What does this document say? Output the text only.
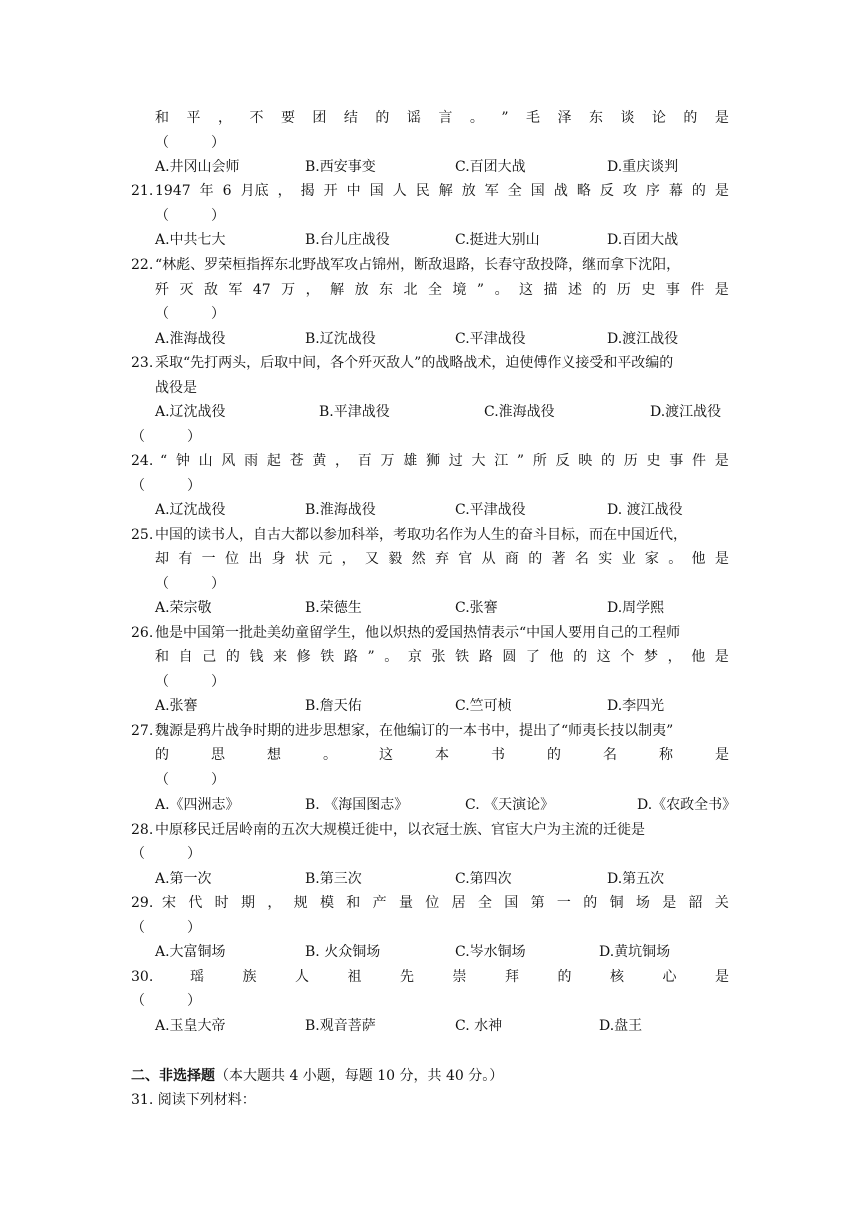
和 平 ， 不 要 团 结 的 谣 言 。 ” 毛 泽 东 谈 论 的 是
（　　　）
A.井冈山会师	B.西安事变	C.百团大战	D.重庆谈判
21. 1947 年 6 月底 ， 揭 开 中 国 人 民 解 放 军 全 国 战 略 反 攻 序 幕 的 是
（　　　）
A.中共七大	B.台儿庄战役	C.挺进大别山	D.百团大战
22. “林彪、罗荣桓指挥东北野战军攻占锦州，断敌退路，长春守敌投降，继而拿下沈阳，
歼 灭 敌 军 47 万 ， 解 放 东 北 全 境 ” 。 这 描 述 的 历 史 事 件 是
（　　　）
A.淮海战役	B.辽沈战役	C.平津战役	D.渡江战役
23. 采取“先打两头，后取中间，各个歼灭敌人”的战略战术，迫使傅作义接受和平改编的
战役是
A.辽沈战役	B.平津战役	C.淮海战役	D.渡江战役
（　　　）
24. “ 钟 山 风 雨 起 苍 黄 ， 百 万 雄 狮 过 大 江 ” 所 反 映 的 历 史 事 件 是
（　　　）
A.辽沈战役	B.淮海战役	C.平津战役	D. 渡江战役
25. 中国的读书人，自古大都以参加科举，考取功名作为人生的奋斗目标，而在中国近代，
却 有 一 位 出 身 状 元 ， 又 毅 然 弃 官 从 商 的 著 名 实 业 家 。 他 是
（　　　）
A.荣宗敬	B.荣德生	C.张謇	D.周学熙
26. 他是中国第一批赴美幼童留学生，他以炽热的爱国热情表示“中国人要用自己的工程师
和 自 己 的 钱 来 修 铁 路 ” 。 京 张 铁 路 圆 了 他 的 这 个 梦 ， 他 是
（　　　）
A.张謇	B.詹天佑	C.竺可桢	D.李四光
27. 魏源是鸦片战争时期的进步思想家，在他编订的一本书中，提出了“师夷长技以制夷”
的	思	想	。	这	本	书	的	名	称	是
（　　　）
A.《四洲志》	B. 《海国图志》	C. 《天演论》	D.《农政全书》
28. 中原移民迁居岭南的五次大规模迁徙中，以衣冠士族、官宦大户为主流的迁徙是
（　　　）
A.第一次	B.第三次	C.第四次	D.第五次
29. 宋 代 时 期 ， 规 模 和 产 量 位 居 全 国 第 一 的 铜 场 是 韶 关
（　　　）
A.大富铜场	B. 火众铜场	C.岑水铜场	D.黄坑铜场
30.	瑶	族	人	祖	先	崇	拜	的	核	心	是
（　　　）
A.玉皇大帝	B.观音菩萨	C. 水神	D.盘王
二、非选择题（本大题共 4 小题，每题 10 分，共 40 分。）
31. 阅读下列材料：
